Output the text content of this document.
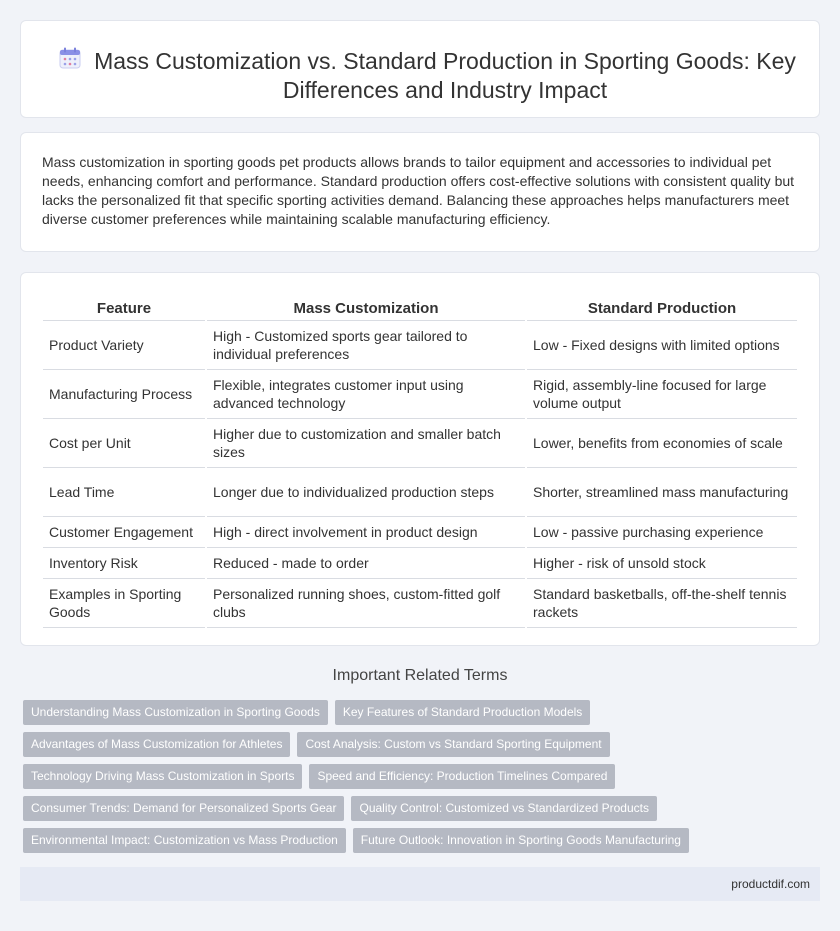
Mass Customization vs. Standard Production in Sporting Goods: Key Differences and Industry Impact

Mass customization in sporting goods pet products allows brands to tailor equipment and accessories to individual pet needs, enhancing comfort and performance. Standard production offers cost-effective solutions with consistent quality but lacks the personalized fit that specific sporting activities demand. Balancing these approaches helps manufacturers meet diverse customer preferences while maintaining scalable manufacturing efficiency.

Feature	Mass Customization	Standard Production
Product Variety	High - Customized sports gear tailored to individual preferences	Low - Fixed designs with limited options
Manufacturing Process	Flexible, integrates customer input using advanced technology	Rigid, assembly-line focused for large volume output
Cost per Unit	Higher due to customization and smaller batch sizes	Lower, benefits from economies of scale
Lead Time	Longer due to individualized production steps	Shorter, streamlined mass manufacturing
Customer Engagement	High - direct involvement in product design	Low - passive purchasing experience
Inventory Risk	Reduced - made to order	Higher - risk of unsold stock
Examples in Sporting Goods	Personalized running shoes, custom-fitted golf clubs	Standard basketballs, off-the-shelf tennis rackets
Important Related Terms
Understanding Mass Customization in Sporting Goods	Key Features of Standard Production Models
Advantages of Mass Customization for Athletes	Cost Analysis: Custom vs Standard Sporting Equipment
Technology Driving Mass Customization in Sports	Speed and Efficiency: Production Timelines Compared
Consumer Trends: Demand for Personalized Sports Gear	Quality Control: Customized vs Standardized Products
Environmental Impact: Customization vs Mass Production	Future Outlook: Innovation in Sporting Goods Manufacturing
productdif.com
